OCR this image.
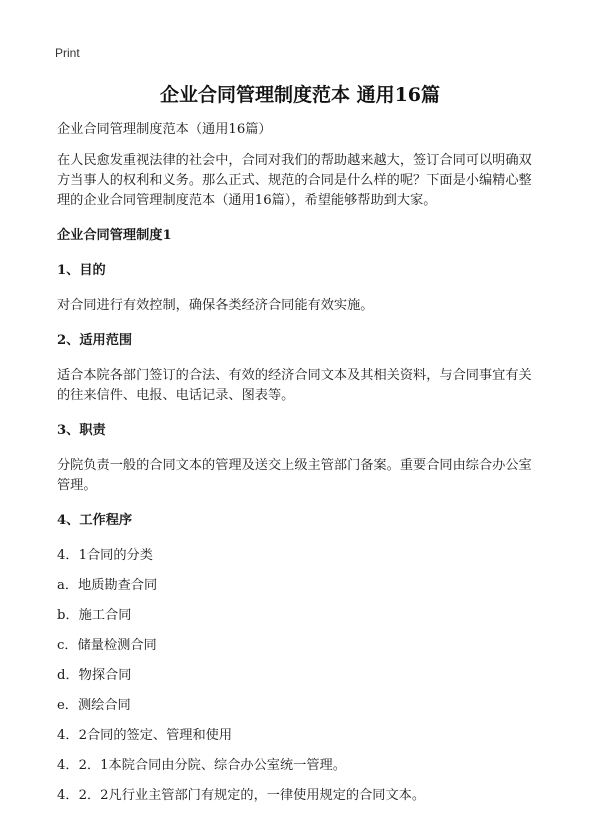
Print
企业合同管理制度范本 通用16篇
企业合同管理制度范本（通用16篇）
在人民愈发重视法律的社会中，合同对我们的帮助越来越大，签订合同可以明确双
方当事人的权利和义务。那么正式、规范的合同是什么样的呢？下面是小编精心整
理的企业合同管理制度范本（通用16篇），希望能够帮助到大家。
企业合同管理制度1
1、目的
对合同进行有效控制，确保各类经济合同能有效实施。
2、适用范围
适合本院各部门签订的合法、有效的经济合同文本及其相关资料，与合同事宜有关
的往来信件、电报、电话记录、图表等。
3、职责
分院负责一般的合同文本的管理及送交上级主管部门备案。重要合同由综合办公室
管理。
4、工作程序
4．1合同的分类
a．地质勘查合同
b．施工合同
c．储量检测合同
d．物探合同
e．测绘合同
4．2合同的签定、管理和使用
4．2．1本院合同由分院、综合办公室统一管理。
4．2．2凡行业主管部门有规定的，一律使用规定的合同文本。
